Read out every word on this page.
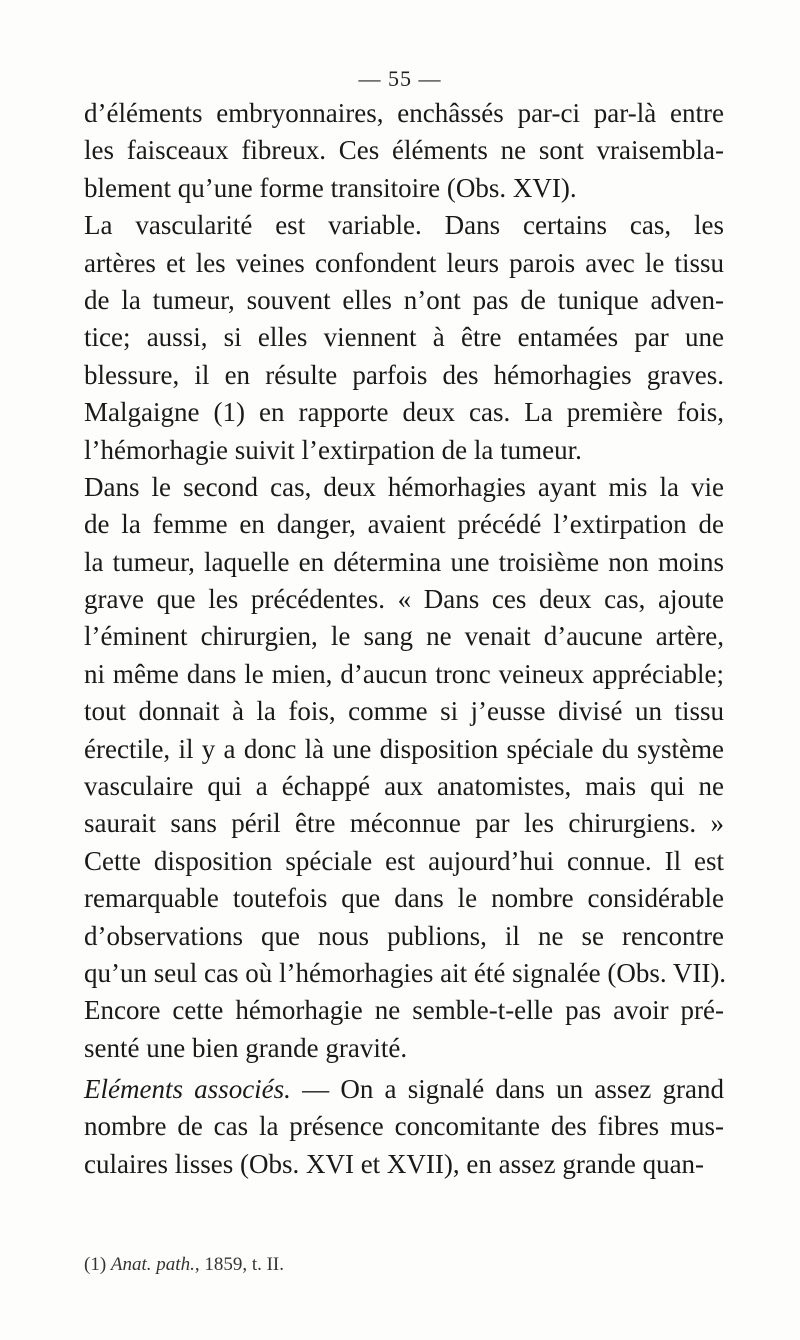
— 55 —
d’éléments embryonnaires, enchâssés par-ci par-là entre
les faisceaux fibreux. Ces éléments ne sont vraisembla-
blement qu’une forme transitoire (Obs. XVI).
La vascularité est variable. Dans certains cas, les
artères et les veines confondent leurs parois avec le tissu
de la tumeur, souvent elles n’ont pas de tunique adven-
tice; aussi, si elles viennent à être entamées par une
blessure, il en résulte parfois des hémorhagies graves.
Malgaigne (1) en rapporte deux cas. La première fois,
l’hémorhagie suivit l’extirpation de la tumeur.
Dans le second cas, deux hémorhagies ayant mis la vie
de la femme en danger, avaient précédé l’extirpation de
la tumeur, laquelle en détermina une troisième non moins
grave que les précédentes. « Dans ces deux cas, ajoute
l’éminent chirurgien, le sang ne venait d’aucune artère,
ni même dans le mien, d’aucun tronc veineux appréciable;
tout donnait à la fois, comme si j’eusse divisé un tissu
érectile, il y a donc là une disposition spéciale du système
vasculaire qui a échappé aux anatomistes, mais qui ne
saurait sans péril être méconnue par les chirurgiens. »
Cette disposition spéciale est aujourd’hui connue. Il est
remarquable toutefois que dans le nombre considérable
d’observations que nous publions, il ne se rencontre
qu’un seul cas où l’hémorhagies ait été signalée (Obs. VII).
Encore cette hémorhagie ne semble-t-elle pas avoir pré-
senté une bien grande gravité.
Eléments associés. — On a signalé dans un assez grand
nombre de cas la présence concomitante des fibres mus-
culaires lisses (Obs. XVI et XVII), en assez grande quan-
(1) Anat. path., 1859, t. II.
